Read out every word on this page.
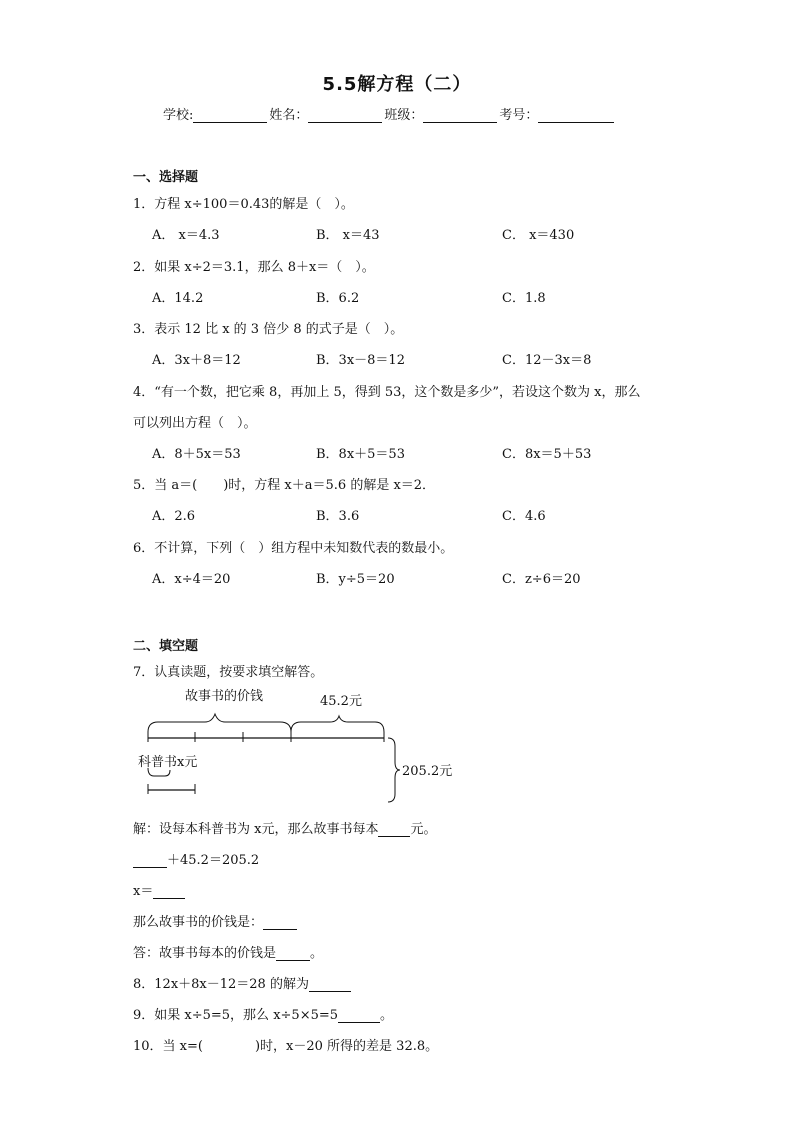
5.5解方程（二）
学校:	姓名：	班级：	考号：
一、选择题
1．方程 x÷100＝0.43的解是（　）。
A． x＝4.3	B． x＝43	C． x＝430
2．如果 x÷2＝3.1，那么 8＋x＝（　）。
A．14.2	B．6.2	C．1.8
3．表示 12 比 x 的 3 倍少 8 的式子是（　）。
A．3x＋8＝12	B．3x－8＝12	C．12－3x＝8
4．“有一个数，把它乘 8，再加上 5，得到 53，这个数是多少”，若设这个数为 x，那么
可以列出方程（　）。
A．8＋5x＝53	B．8x＋5＝53	C．8x＝5＋53
5．当 a＝(　　)时，方程 x＋a＝5.6 的解是 x＝2．
A．2.6	B．3.6	C．4.6
6．不计算，下列（　）组方程中未知数代表的数最小。
A．x÷4＝20	B．y÷5＝20	C．z÷6＝20
二、填空题
7．认真读题，按要求填空解答。
故事书的价钱	45.2元
科普书x元
205.2元
解：设每本科普书为 x元，那么故事书每本 元。
＋45.2＝205.2
x＝
那么故事书的价钱是：
答：故事书每本的价钱是	。
8．12x＋8x－12＝28 的解为
9．如果 x÷5=5，那么 x÷5×5=5	。
10．当 x=(　　　　)时，x－20 所得的差是 32.8。
